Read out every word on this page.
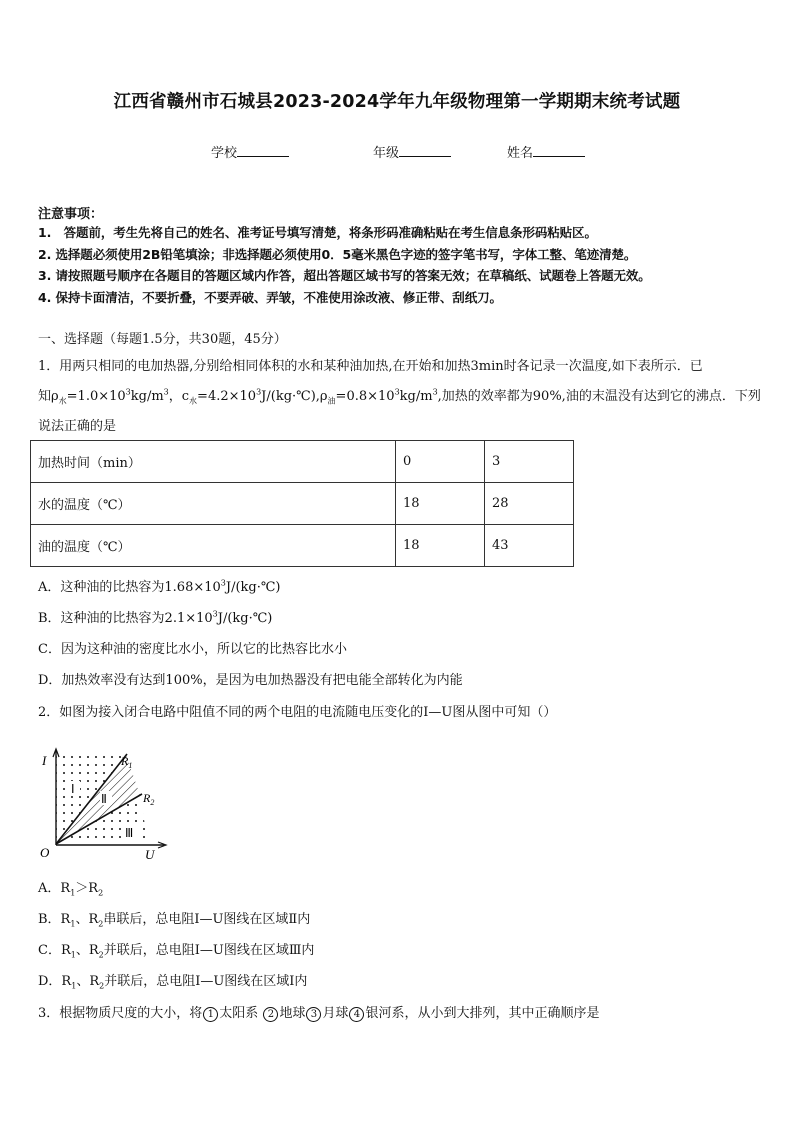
江西省赣州市石城县2023-2024学年九年级物理第一学期期末统考试题
学校	年级	姓名
注意事项：
1.　答题前，考生先将自己的姓名、准考证号填写清楚，将条形码准确粘贴在考生信息条形码粘贴区。
2. 选择题必须使用2B铅笔填涂；非选择题必须使用0．5毫米黑色字迹的签字笔书写，字体工整、笔迹清楚。
3. 请按照题号顺序在各题目的答题区域内作答，超出答题区域书写的答案无效；在草稿纸、试题卷上答题无效。
4. 保持卡面清洁，不要折叠，不要弄破、弄皱，不准使用涂改液、修正带、刮纸刀。
一、选择题（每题1.5分，共30题，45分）
1．用两只相同的电加热器,分别给相同体积的水和某种油加热,在开始和加热3min时各记录一次温度,如下表所示．已
知$\rho_水=1.0\times 10^3kg/m^3$，$c_水=4.2\times 10^3J/(kg\cdot℃),\rho_油=0.8\times 10^3kg/m^3$,加热的效率都为90%,油的末温没有达到它的沸点．下列
说法正确的是
加热时间（min）	0	3
水的温度（℃）	18	28
油的温度（℃）	18	43
A．这种油的比热容为$1.68\times 10^3J/(kg\cdot℃)$
B．这种油的比热容为$2.1\times 10^3J/(kg\cdot℃)$
C．因为这种油的密度比水小，所以它的比热容比水小
D．加热效率没有达到100%，是因为电加热器没有把电能全部转化为内能
2．如图为接入闭合电路中阻值不同的两个电阻的电流随电压变化的I—U图从图中可知（）
I
O	U
$R_1$
$R_2$
Ⅰ
Ⅱ
Ⅲ
A．$R_1>R_2$
B．$R_1$、$R_2$串联后，总电阻I—U图线在区域Ⅱ内
C．$R_1$、$R_2$并联后，总电阻I—U图线在区域Ⅲ内
D．$R_1$、$R_2$并联后，总电阻I—U图线在区域Ⅰ内
3．根据物质尺度的大小，将 1 太阳系 2 地球 3 月球 4 银河系，从小到大排列，其中正确顺序是
